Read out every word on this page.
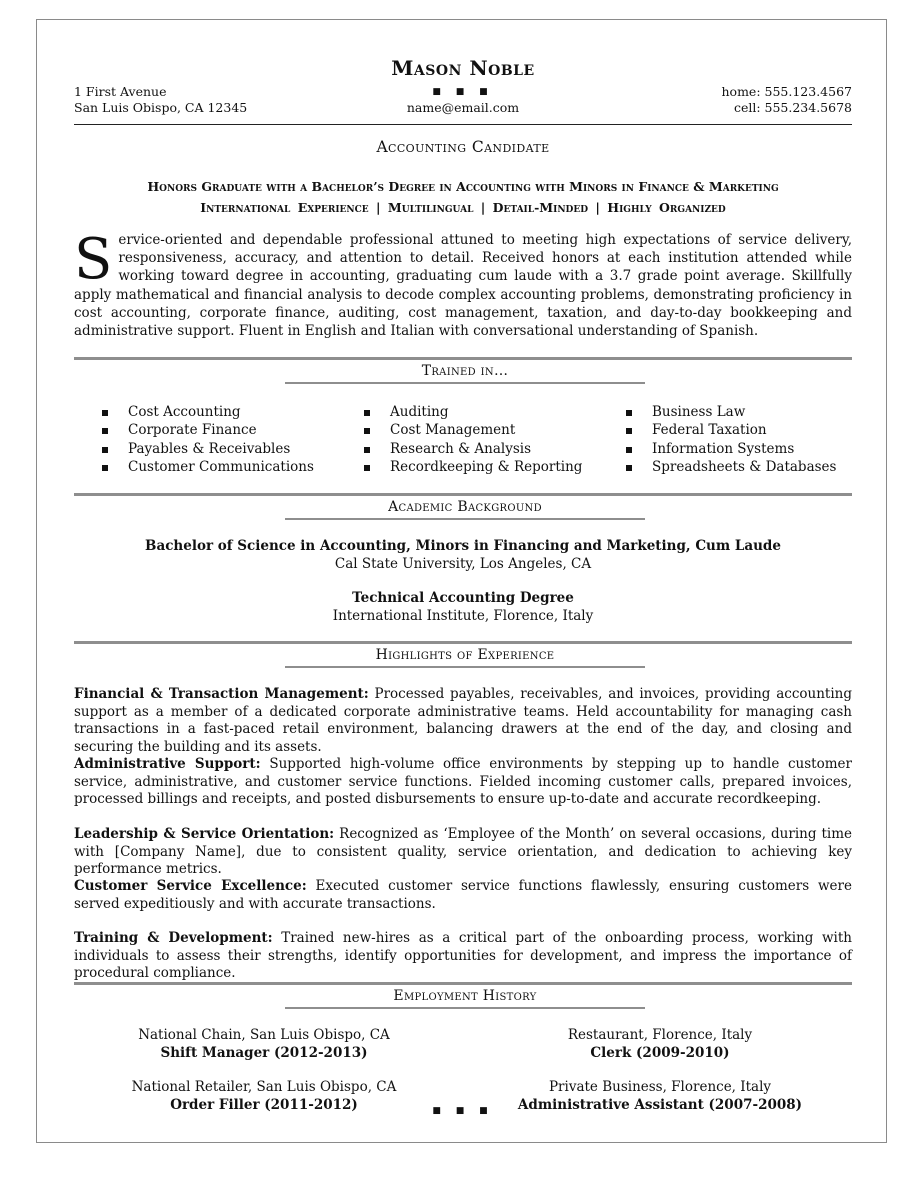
Mason Noble
1 First Avenue
San Luis Obispo, CA 12345
■ ■ ■
name@email.com
home: 555.123.4567
cell: 555.234.5678
Accounting Candidate
Honors Graduate with a Bachelor’s Degree in Accounting with Minors in Finance & Marketing
International Experience | Multilingual | Detail-Minded | Highly Organized
Service-oriented and dependable professional attuned to meeting high expectations of service delivery, responsiveness, accuracy, and attention to detail. Received honors at each institution attended while working toward degree in accounting, graduating cum laude with a 3.7 grade point average. Skillfully apply mathematical and financial analysis to decode complex accounting problems, demonstrating proficiency in cost accounting, corporate finance, auditing, cost management, taxation, and day-to-day bookkeeping and administrative support. Fluent in English and Italian with conversational understanding of Spanish.
Trained in…
Cost Accounting
Corporate Finance
Payables & Receivables
Customer Communications
Auditing
Cost Management
Research & Analysis
Recordkeeping & Reporting
Business Law
Federal Taxation
Information Systems
Spreadsheets & Databases
Academic Background
Bachelor of Science in Accounting, Minors in Financing and Marketing, Cum Laude
Cal State University, Los Angeles, CA
Technical Accounting Degree
International Institute, Florence, Italy
Highlights of Experience
Financial & Transaction Management: Processed payables, receivables, and invoices, providing accounting support as a member of a dedicated corporate administrative teams. Held accountability for managing cash transactions in a fast-paced retail environment, balancing drawers at the end of the day, and closing and securing the building and its assets.
Administrative Support: Supported high-volume office environments by stepping up to handle customer service, administrative, and customer service functions. Fielded incoming customer calls, prepared invoices, processed billings and receipts, and posted disbursements to ensure up-to-date and accurate recordkeeping.
Leadership & Service Orientation: Recognized as ‘Employee of the Month’ on several occasions, during time with [Company Name], due to consistent quality, service orientation, and dedication to achieving key performance metrics.
Customer Service Excellence: Executed customer service functions flawlessly, ensuring customers were served expeditiously and with accurate transactions.
Training & Development: Trained new-hires as a critical part of the onboarding process, working with individuals to assess their strengths, identify opportunities for development, and impress the importance of procedural compliance.
Employment History
National Chain, San Luis Obispo, CA
Shift Manager (2012-2013)
Restaurant, Florence, Italy
Clerk (2009-2010)
National Retailer, San Luis Obispo, CA
Order Filler (2011-2012)
Private Business, Florence, Italy
Administrative Assistant (2007-2008)
■ ■ ■
